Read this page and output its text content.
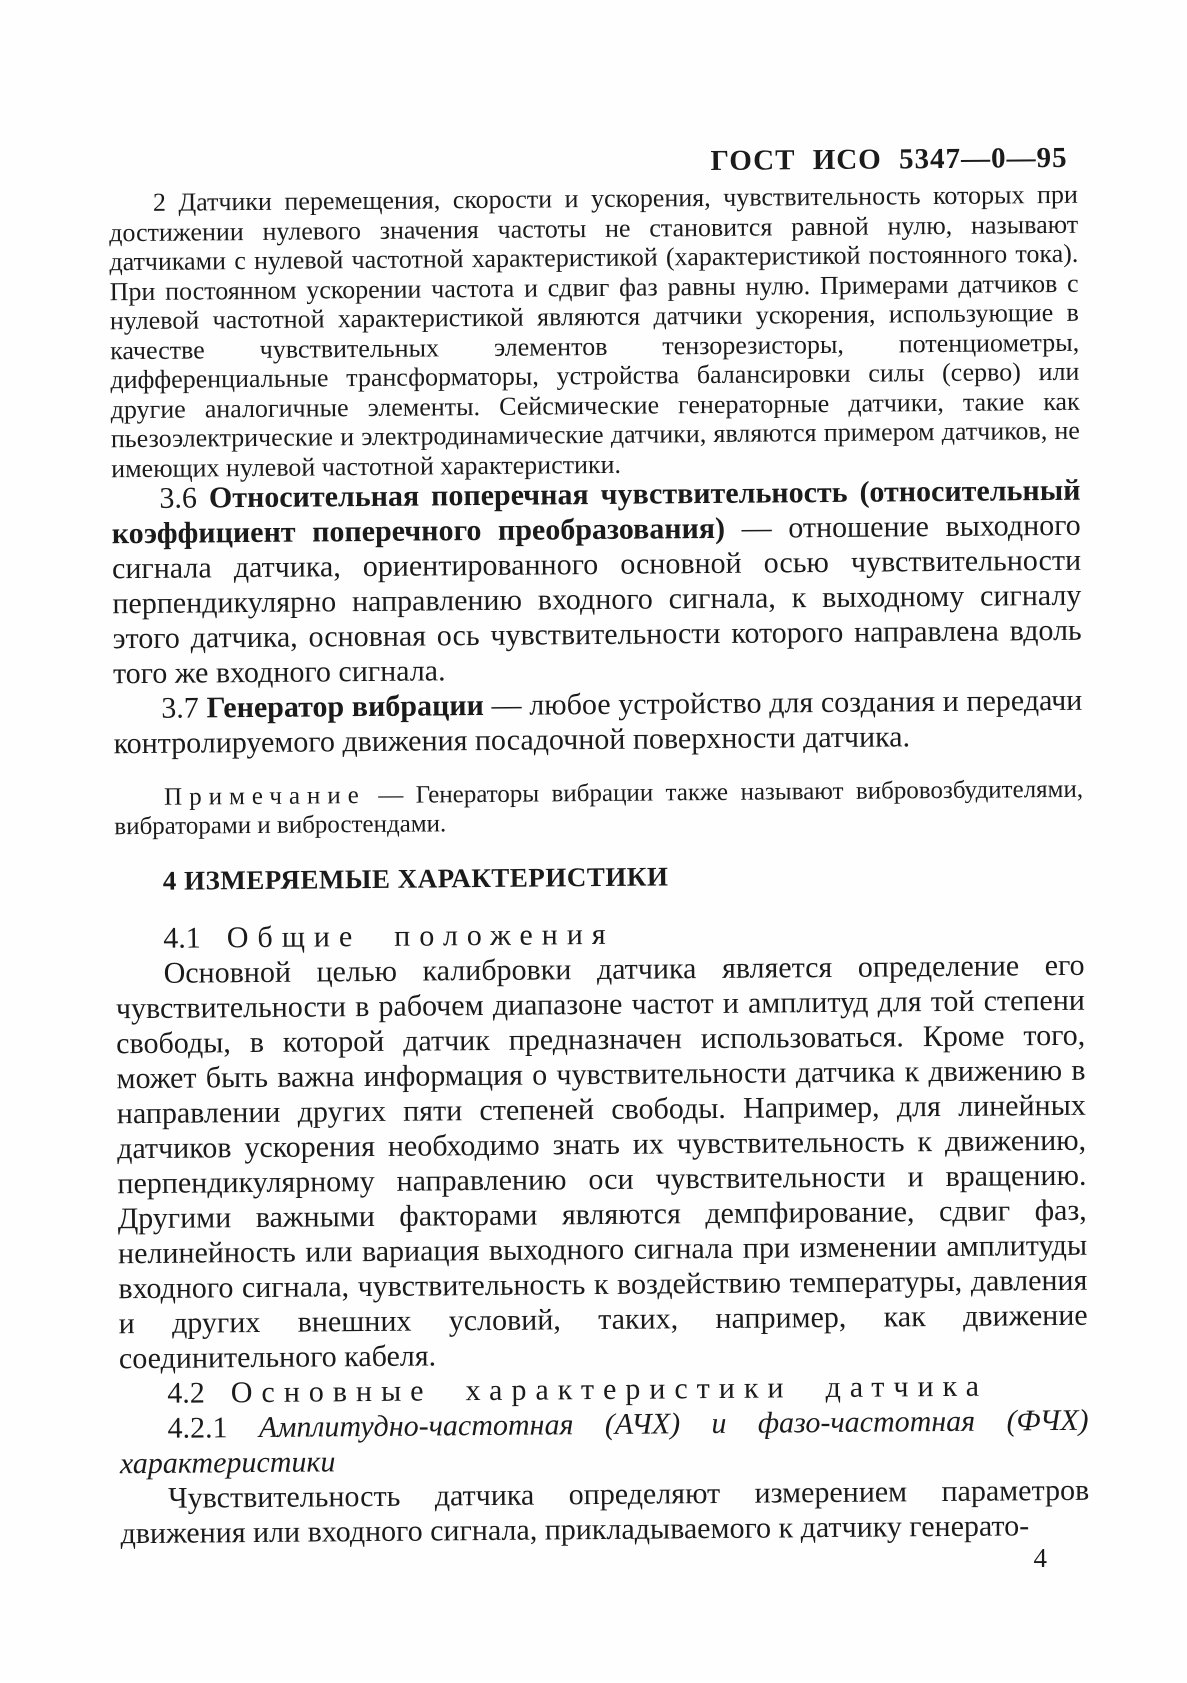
ГОСТ ИСО 5347—0—95

2 Датчики перемещения, скорости и ускорения, чувствительность которых при достижении нулевого значения частоты не становится равной нулю, называют датчиками с нулевой частотной характеристикой (характеристикой постоянного тока). При постоянном ускорении частота и сдвиг фаз равны нулю. Примерами датчиков с нулевой частотной характеристикой являются датчики ускорения, использующие в качестве чувствительных элементов тензорезисторы, потенциометры, дифференциальные трансформаторы, устройства балансировки силы (серво) или другие аналогичные элементы. Сейсмические генераторные датчики, такие как пьезоэлектрические и электродинамические датчики, являются примером датчиков, не имеющих нулевой частотной характеристики.

3.6 Относительная поперечная чувствительность (относительный коэффициент поперечного преобразования) — отношение выходного сигнала датчика, ориентированного основной осью чувствительности перпендикулярно направлению входного сигнала, к выходному сигналу этого датчика, основная ось чувствительности которого направлена вдоль того же входного сигнала.

3.7 Генератор вибрации — любое устройство для создания и передачи контролируемого движения посадочной поверхности датчика.

Примечание — Генераторы вибрации также называют вибровозбудителями, вибраторами и вибростендами.

4 ИЗМЕРЯЕМЫЕ ХАРАКТЕРИСТИКИ

4.1 Общие положения

Основной целью калибровки датчика является определение его чувствительности в рабочем диапазоне частот и амплитуд для той степени свободы, в которой датчик предназначен использоваться. Кроме того, может быть важна информация о чувствительности датчика к движению в направлении других пяти степеней свободы. Например, для линейных датчиков ускорения необходимо знать их чувствительность к движению, перпендикулярному направлению оси чувствительности и вращению. Другими важными факторами являются демпфирование, сдвиг фаз, нелинейность или вариация выходного сигнала при изменении амплитуды входного сигнала, чувствительность к воздействию температуры, давления и других внешних условий, таких, например, как движение соединительного кабеля.

4.2 Основные характеристики датчика

4.2.1 Амплитудно-частотная (АЧХ) и фазо-частотная (ФЧХ) характеристики

Чувствительность датчика определяют измерением параметров движения или входного сигнала, прикладываемого к датчику генерато-

4
